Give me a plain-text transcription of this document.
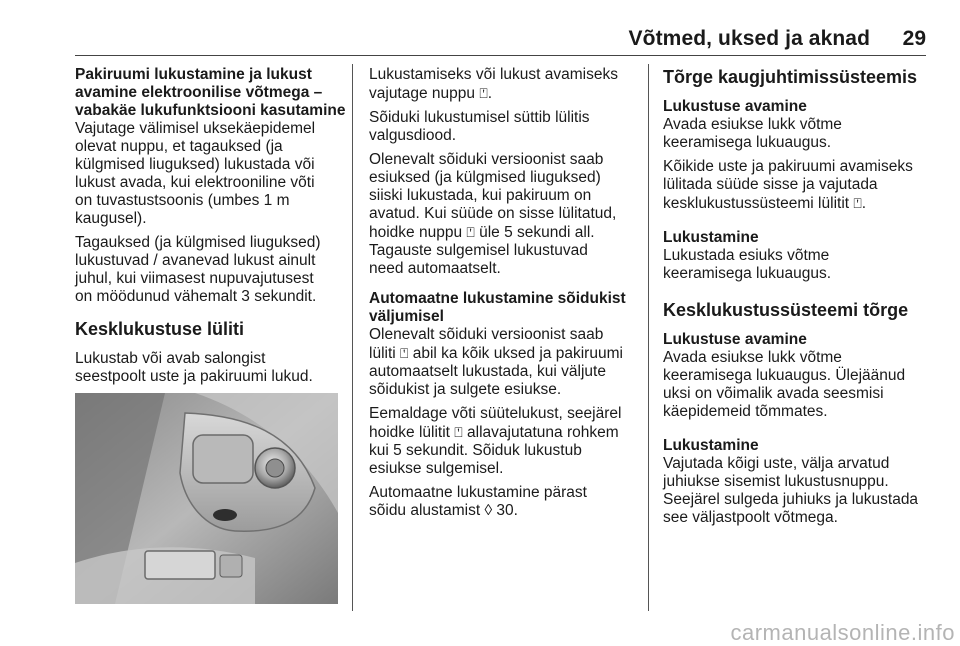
Võtmed, uksed ja aknad	29
Pakiruumi lukustamine ja lukust
avamine elektroonilise võtmega –
vabakäe lukufunktsiooni kasutamine

Vajutage välimisel uksekäepidemel
olevat nuppu, et tagauksed (ja
külgmised liuguksed) lukustada või
lukust avada, kui elektrooniline võti
on tuvastustsoonis (umbes 1 m
kaugusel).

Tagauksed (ja külgmised liuguksed)
lukustuvad / avanevad lukust ainult
juhul, kui viimasest nupuvajutusest
on möödunud vähemalt 3 sekundit.

Kesklukustuse lüliti

Lukustab või avab salongist
seestpoolt uste ja pakiruumi lukud.

Lukustamiseks või lukust avamiseks
vajutage nuppu ⍞.

Sõiduki lukustumisel süttib lülitis
valgusdiood.

Olenevalt sõiduki versioonist saab
esiuksed (ja külgmised liuguksed)
siiski lukustada, kui pakiruum on
avatud. Kui süüde on sisse lülitatud,
hoidke nuppu ⍞ üle 5 sekundi all.
Tagauste sulgemisel lukustuvad
need automaatselt.

Automaatne lukustamine sõidukist
väljumisel

Olenevalt sõiduki versioonist saab
lüliti ⍞ abil ka kõik uksed ja pakiruumi
automaatselt lukustada, kui väljute
sõidukist ja sulgete esiukse.

Eemaldage võti süütelukust, seejärel
hoidke lülitit ⍞ allavajutatuna rohkem
kui 5 sekundit. Sõiduk lukustub
esiukse sulgemisel.

Automaatne lukustamine pärast
sõidu alustamist ◊ 30.

Tõrge kaugjuhtimissüsteemis
Lukustuse avamine

Avada esiukse lukk võtme
keeramisega lukuaugus.

Kõikide uste ja pakiruumi avamiseks
lülitada süüde sisse ja vajutada
kesklukustussüsteemi lülitit ⍞.

Lukustamine

Lukustada esiuks võtme
keeramisega lukuaugus.

Kesklukustussüsteemi tõrge
Lukustuse avamine

Avada esiukse lukk võtme
keeramisega lukuaugus. Ülejäänud
uksi on võimalik avada seesmisi
käepidemeid tõmmates.

Lukustamine

Vajutada kõigi uste, välja arvatud
juhiukse sisemist lukustusnuppu.
Seejärel sulgeda juhiuks ja lukustada
see väljastpoolt võtmega.

carmanualsonline.info
